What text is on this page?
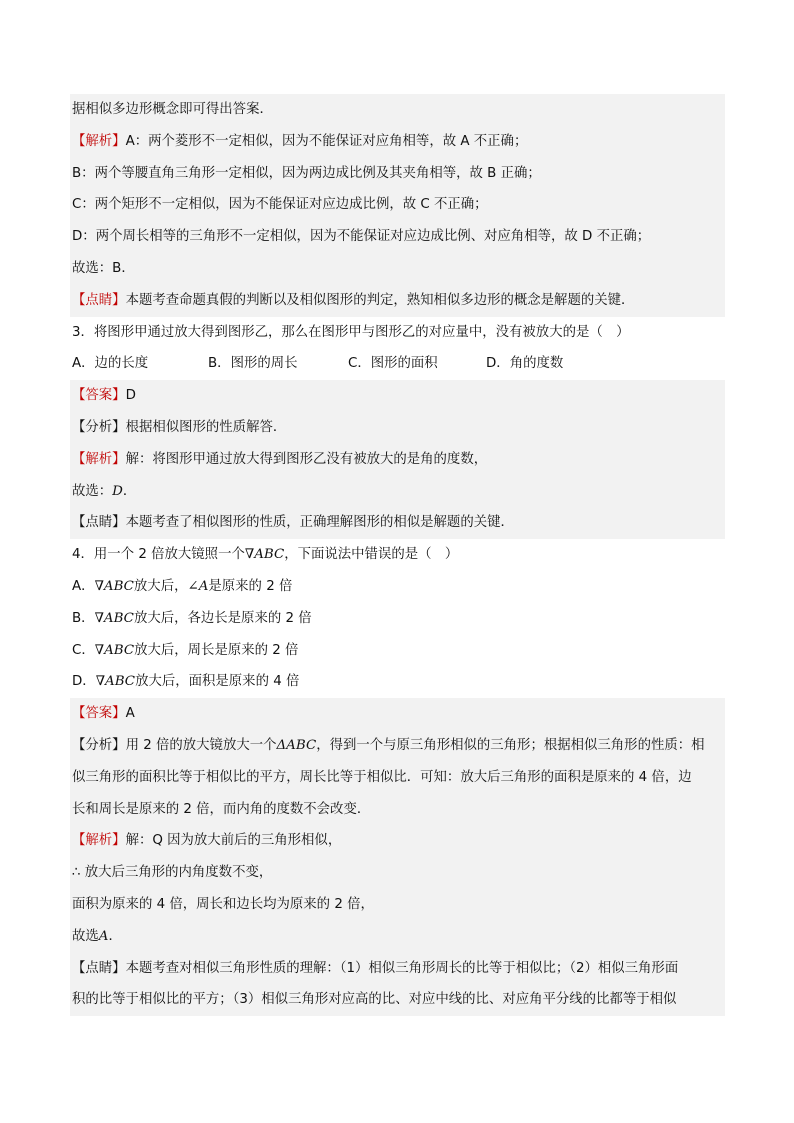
据相似多边形概念即可得出答案．
【解析】A：两个菱形不一定相似，因为不能保证对应角相等，故 A 不正确；
B：两个等腰直角三角形一定相似，因为两边成比例及其夹角相等，故 B 正确；
C：两个矩形不一定相似，因为不能保证对应边成比例，故 C 不正确；
D：两个周长相等的三角形不一定相似，因为不能保证对应边成比例、对应角相等，故 D 不正确；
故选：B．
【点睛】本题考查命题真假的判断以及相似图形的判定，熟知相似多边形的概念是解题的关键．
3．将图形甲通过放大得到图形乙，那么在图形甲与图形乙的对应量中，没有被放大的是（　）
A．边的长度	B．图形的周长	C．图形的面积	D．角的度数
【答案】D
【分析】根据相似图形的性质解答．
【解析】解：将图形甲通过放大得到图形乙没有被放大的是角的度数，
故选：D．
【点睛】本题考查了相似图形的性质，正确理解图形的相似是解题的关键．
4．用一个 2 倍放大镜照一个∇ABC，下面说法中错误的是（　）
A．∇ABC放大后，∠A是原来的 2 倍
B．∇ABC放大后，各边长是原来的 2 倍
C．∇ABC放大后，周长是原来的 2 倍
D．∇ABC放大后，面积是原来的 4 倍
【答案】A
【分析】用 2 倍的放大镜放大一个ΔABC，得到一个与原三角形相似的三角形；根据相似三角形的性质：相
似三角形的面积比等于相似比的平方，周长比等于相似比．可知：放大后三角形的面积是原来的 4 倍，边
长和周长是原来的 2 倍，而内角的度数不会改变．
【解析】解：Q 因为放大前后的三角形相似，
∴ 放大后三角形的内角度数不变，
面积为原来的 4 倍，周长和边长均为原来的 2 倍，
故选A．
【点睛】本题考查对相似三角形性质的理解：（1）相似三角形周长的比等于相似比；（2）相似三角形面
积的比等于相似比的平方；（3）相似三角形对应高的比、对应中线的比、对应角平分线的比都等于相似
